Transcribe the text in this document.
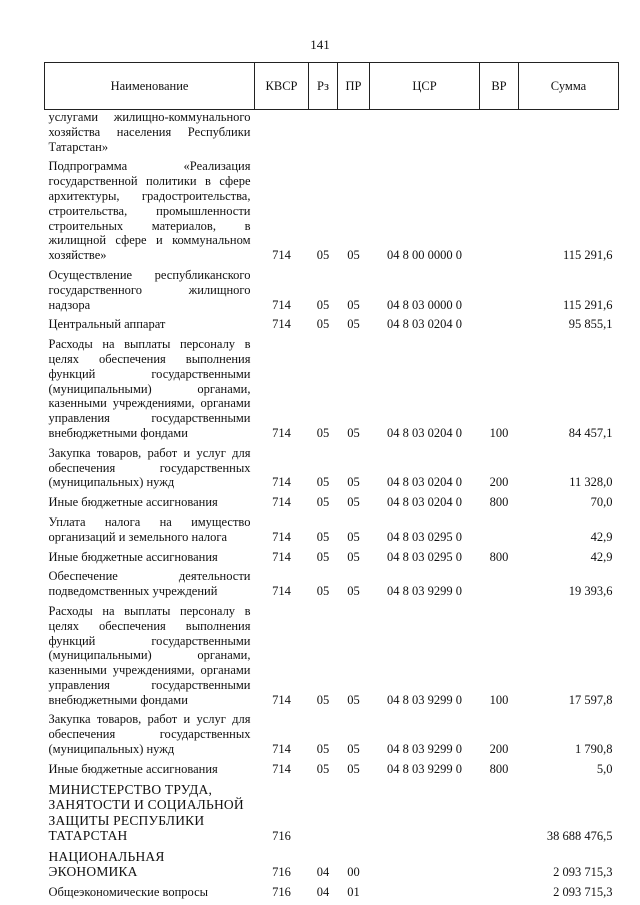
141
Наименование	КВСР	Рз	ПР	ЦСР	ВР	Сумма
услугами жилищно-коммунального хозяйства населения Республики Татарстан»						
Подпрограмма «Реализация государственной политики в сфере архитектуры, градостроительства, строительства, промышленности строительных материалов, в жилищной сфере и коммунальном хозяйстве»	714	05	05	04 8 00 0000 0		115 291,6
Осуществление республиканского государственного жилищного надзора	714	05	05	04 8 03 0000 0		115 291,6
Центральный аппарат	714	05	05	04 8 03 0204 0		95 855,1
Расходы на выплаты персоналу в целях обеспечения выполнения функций государственными (муниципальными) органами, казенными учреждениями, органами управления государственными внебюджетными фондами	714	05	05	04 8 03 0204 0	100	84 457,1
Закупка товаров, работ и услуг для обеспечения государственных (муниципальных) нужд	714	05	05	04 8 03 0204 0	200	11 328,0
Иные бюджетные ассигнования	714	05	05	04 8 03 0204 0	800	70,0
Уплата налога на имущество организаций и земельного налога	714	05	05	04 8 03 0295 0		42,9
Иные бюджетные ассигнования	714	05	05	04 8 03 0295 0	800	42,9
Обеспечение деятельности подведомственных учреждений	714	05	05	04 8 03 9299 0		19 393,6
Расходы на выплаты персоналу в целях обеспечения выполнения функций государственными (муниципальными) органами, казенными учреждениями, органами управления государственными внебюджетными фондами	714	05	05	04 8 03 9299 0	100	17 597,8
Закупка товаров, работ и услуг для обеспечения государственных (муниципальных) нужд	714	05	05	04 8 03 9299 0	200	1 790,8
Иные бюджетные ассигнования	714	05	05	04 8 03 9299 0	800	5,0
МИНИСТЕРСТВО ТРУДА, ЗАНЯТОСТИ И СОЦИАЛЬНОЙ ЗАЩИТЫ РЕСПУБЛИКИ ТАТАРСТАН	716					38 688 476,5
НАЦИОНАЛЬНАЯ ЭКОНОМИКА	716	04	00			2 093 715,3
Общеэкономические вопросы	716	04	01			2 093 715,3
